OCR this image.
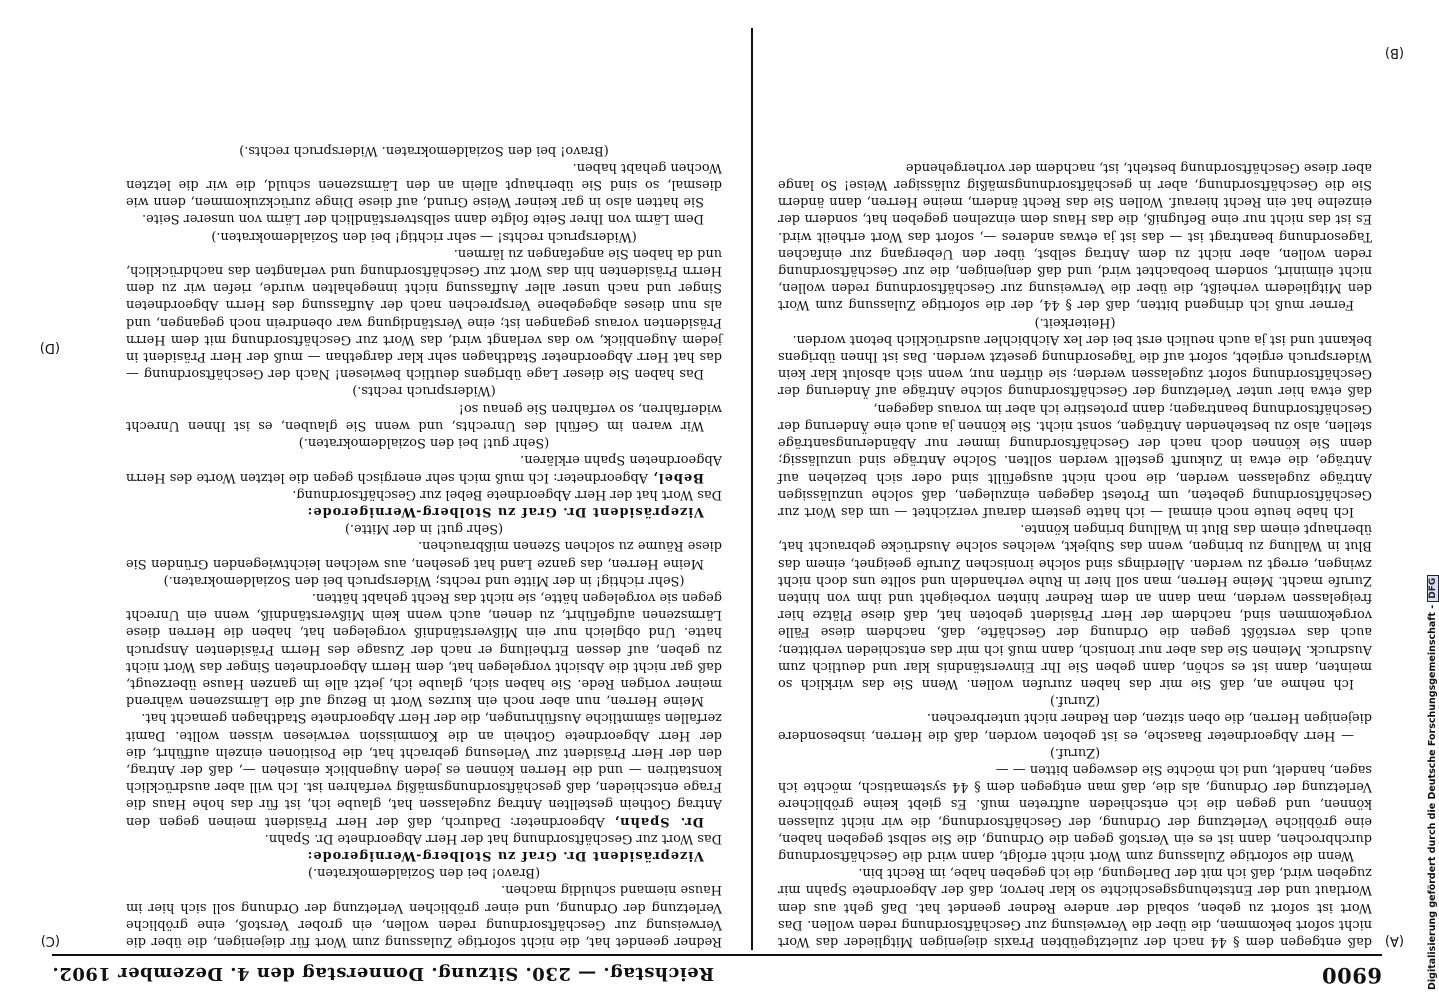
6900
Reichstag. — 230. Sitzung. Donnerstag den 4. Dezember 1902.
(A)
(B)
(C)
(D)

daß entgegen dem § 44 nach der zuletztgeübten Praxis diejenigen Mitglieder das Wort nicht sofort bekommen, die über die Verweisung zur Geschäftsordnung reden wollen. Das Wort ist sofort zu geben, sobald der andere Redner geendet hat. Daß geht aus dem Wortlaut und der Entstehungsgeschichte so klar hervor, daß der Abgeordnete Spahn mir zugeben wird, daß ich mit der Darlegung, die ich gegeben habe, im Recht bin.

Wenn die sofortige Zulassung zum Wort nicht erfolgt, dann wird die Geschäftsordnung durchbrochen, dann ist es ein Verstoß gegen die Ordnung, die Sie selbst gegeben haben, eine gröbliche Verletzung der Ordnung, der Geschäftsordnung, die wir nicht zulassen können, und gegen die ich entschieden auftreten muß. Es giebt keine gröblichere Verletzung der Ordnung, als die, daß man entgegen dem § 44 systematisch, möchte ich sagen, handelt, und ich möchte Sie deswegen bitten — —

(Zuruf.)

— Herr Abgeordneter Baasche, es ist geboten worden, daß die Herren, insbesondere diejenigen Herren, die oben sitzen, den Redner nicht unterbrechen.

(Zuruf.)

Ich nehme an, daß Sie mir das haben zurufen wollen. Wenn Sie das wirklich so meinten, dann ist es schön, dann geben Sie Ihr Einverständnis klar und deutlich zum Ausdruck. Meinen Sie das aber nur ironisch, dann muß ich mir das entschieden verbitten; auch das verstößt gegen die Ordnung der Geschäfte, daß, nachdem diese Fälle vorgekommen sind, nachdem der Herr Präsident geboten hat, daß diese Plätze hier freigelassen werden, man dann an dem Redner hinten vorbeigeht und ihm von hinten Zurufe macht. Meine Herren, man soll hier in Ruhe verhandeln und sollte uns doch nicht zwingen, erregt zu werden. Allerdings sind solche ironischen Zurufe geeignet, einem das Blut in Wallung zu bringen, wenn das Subjekt, welches solche Ausdrücke gebraucht hat, überhaupt einem das Blut in Wallung bringen könnte.

Ich habe heute noch einmal — ich hatte gestern darauf verzichtet — um das Wort zur Geschäftsordnung gebeten, um Protest dagegen einzulegen, daß solche unzulässigen Anträge zugelassen werden, die noch nicht ausgefüllt sind oder sich beziehen auf Anträge, die etwa in Zukunft gestellt werden sollten. Solche Anträge sind unzulässig; denn Sie können doch nach der Geschäftsordnung immer nur Abänderungsanträge stellen, also zu bestehenden Anträgen, sonst nicht. Sie können ja auch eine Änderung der Geschäftsordnung beantragen; dann protestire ich aber im voraus dagegen,

daß etwa hier unter Verletzung der Geschäftsordnung solche Anträge auf Änderung der Geschäftsordnung sofort zugelassen werden; sie dürfen nur, wenn sich absolut klar kein Widerspruch ergiebt, sofort auf die Tagesordnung gesetzt werden. Das ist Ihnen übrigens bekannt und ist ja auch neulich erst bei der lex Aichbichler ausdrücklich betont worden.

(Heiterkeit.)

Ferner muß ich dringend bitten, daß der § 44, der die sofortige Zulassung zum Wort den Mitgliedern verheißt, die über die Verweisung zur Geschäftsordnung reden wollen, nicht eliminirt, sondern beobachtet wird, und daß denjenigen, die zur Geschäftsordnung reden wollen, aber nicht zu dem Antrag selbst, über den Uebergang zur einfachen Tagesordnung beantragt ist — das ist ja etwas anderes —, sofort das Wort ertheilt wird. Es ist das nicht nur eine Befugniß, die das Haus dem einzelnen gegeben hat, sondern der einzelne hat ein Recht hierauf. Wollen Sie das Recht ändern, meine Herren, dann ändern Sie die Geschäftsordnung, aber in geschäftsordnungsmäßig zulässiger Weise! So lange aber diese Geschäftsordnung besteht, ist, nachdem der vorhergehende

Redner geendet hat, die nicht sofortige Zulassung zum Wort für diejenigen, die über die Verweisung zur Geschäftsordnung reden wollen, ein grober Verstoß, eine gröbliche Verletzung der Ordnung, und einer gröblichen Verletzung der Ordnung soll sich hier im Hause niemand schuldig machen.

(Bravo! bei den Sozialdemokraten.)

Vizepräsident Dr. Graf zu Stolberg-Wernigerode:

Das Wort zur Geschäftsordnung hat der Herr Abgeordnete Dr. Spahn.

Dr. Spahn, Abgeordneter: Dadurch, daß der Herr Präsident meinen gegen den Antrag Gothein gestellten Antrag zugelassen hat, glaube ich, ist für das hohe Haus die Frage entschieden, daß geschäftsordnungsmäßig verfahren ist. Ich will aber ausdrücklich konstatiren — und die Herren können es jeden Augenblick einsehen —, daß der Antrag, den der Herr Präsident zur Verlesung gebracht hat, die Positionen einzeln aufführt, die der Herr Abgeordnete Gothein an die Kommission verwiesen wissen wollte. Damit zerfallen sämmtliche Ausführungen, die der Herr Abgeordnete Stadthagen gemacht hat.

Meine Herren, nun aber noch ein kurzes Wort in Bezug auf die Lärmszenen während meiner vorigen Rede. Sie haben sich, glaube ich, jetzt alle im ganzen Hause überzeugt, daß gar nicht die Absicht vorgelegen hat, dem Herrn Abgeordneten Singer das Wort nicht zu geben, auf dessen Ertheilung er nach der Zusage des Herrn Präsidenten Anspruch hatte. Und obgleich nur ein Mißverständniß vorgelegen hat, haben die Herren diese Lärmszenen aufgeführt, zu denen, auch wenn kein Mißverständniß, wenn ein Unrecht gegen sie vorgelegen hätte, sie nicht das Recht gehabt hätten.

(Sehr richtig! in der Mitte und rechts; Widerspruch bei den Sozialdemokraten.)

Meine Herren, das ganze Land hat gesehen, aus welchen leichtwiegenden Gründen Sie diese Räume zu solchen Szenen mißbrauchen.

(Sehr gut! in der Mitte.)

Vizepräsident Dr. Graf zu Stolberg-Wernigerode:

Das Wort hat der Herr Abgeordnete Bebel zur Geschäftsordnung.

Bebel, Abgeordneter: Ich muß mich sehr energisch gegen die letzten Worte des Herrn Abgeordneten Spahn erklären.

(Sehr gut! bei den Sozialdemokraten.)

Wir waren im Gefühl des Unrechts, und wenn Sie glauben, es ist Ihnen Unrecht widerfahren, so verfahren Sie genau so!

(Widerspruch rechts.)

Das haben Sie dieser Lage übrigens deutlich bewiesen! Nach der Geschäftsordnung — das hat Herr Abgeordneter Stadthagen sehr klar dargethan — muß der Herr Präsident in jedem Augenblick, wo das verlangt wird, das Wort zur Geschäftsordnung mit dem Herrn Präsidenten voraus gegangen ist; eine Verständigung war obendrein noch gegangen, und als nun dieses abgegebene Versprechen nach der Auffassung des Herrn Abgeordneten Singer und nach unser aller Auffassung nicht innegehalten wurde, riefen wir zu dem Herrn Präsidenten hin das Wort zur Geschäftsordnung und verlangten das nachdrücklich, und da haben Sie angefangen zu lärmen.

(Widerspruch rechts! — sehr richtig! bei den Sozialdemokraten.)

Dem Lärm von Ihrer Seite folgte dann selbstverständlich der Lärm von unserer Seite.

Sie hatten also in gar keiner Weise Grund, auf diese Dinge zurückzukommen, denn wie diesmal, so sind Sie überhaupt allein an den Lärmszenen schuld, die wir die letzten Wochen gehabt haben.

(Bravo! bei den Sozialdemokraten. Widerspruch rechts.)

Digitalisierung gefördert durch die Deutsche Forschungsgemeinschaft -DFG
